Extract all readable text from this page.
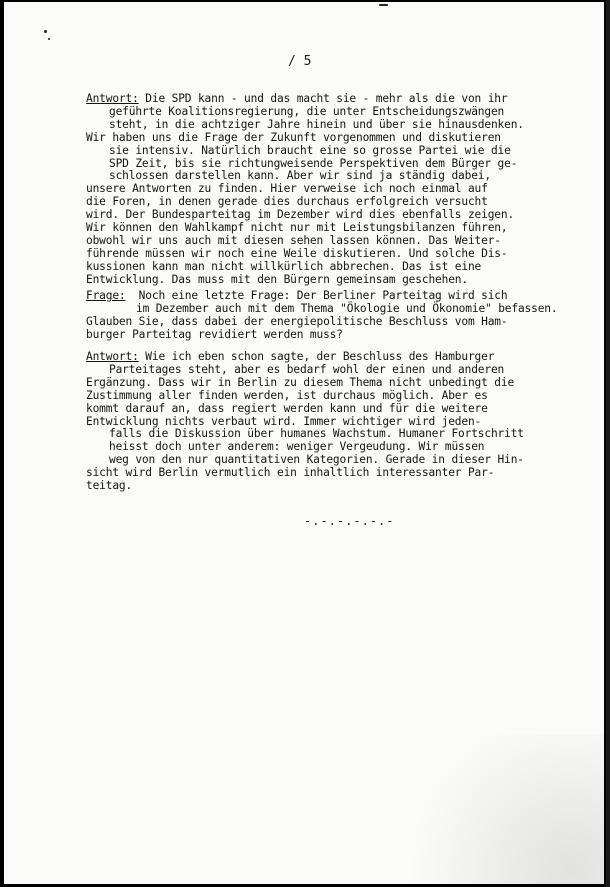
/ 5
Antwort: Die SPD kann - und das macht sie - mehr als die von ihr
geführte Koalitionsregierung, die unter Entscheidungszwängen
steht, in die achtziger Jahre hinein und über sie hinausdenken.
Wir haben uns die Frage der Zukunft vorgenommen und diskutieren
sie intensiv. Natürlich braucht eine so grosse Partei wie die
SPD Zeit, bis sie richtungweisende Perspektiven dem Bürger ge-
schlossen darstellen kann. Aber wir sind ja ständig dabei,
unsere Antworten zu finden. Hier verweise ich noch einmal auf
die Foren, in denen gerade dies durchaus erfolgreich versucht
wird. Der Bundesparteitag im Dezember wird dies ebenfalls zeigen.
Wir können den Wahlkampf nicht nur mit Leistungsbilanzen führen,
obwohl wir uns auch mit diesen sehen lassen können. Das Weiter-
führende müssen wir noch eine Weile diskutieren. Und solche Dis-
kussionen kann man nicht willkürlich abbrechen. Das ist eine
Entwicklung. Das muss mit den Bürgern gemeinsam geschehen.
Frage:  Noch eine letzte Frage: Der Berliner Parteitag wird sich
im Dezember auch mit dem Thema "Ökologie und Ökonomie" befassen.
Glauben Sie, dass dabei der energiepolitische Beschluss vom Ham-
burger Parteitag revidiert werden muss?
Antwort: Wie ich eben schon sagte, der Beschluss des Hamburger
Parteitages steht, aber es bedarf wohl der einen und anderen
Ergänzung. Dass wir in Berlin zu diesem Thema nicht unbedingt die
Zustimmung aller finden werden, ist durchaus möglich. Aber es
kommt darauf an, dass regiert werden kann und für die weitere
Entwicklung nichts verbaut wird. Immer wichtiger wird jeden-
falls die Diskussion über humanes Wachstum. Humaner Fortschritt
heisst doch unter anderem: weniger Vergeudung. Wir müssen
weg von den nur quantitativen Kategorien. Gerade in dieser Hin-
sicht wird Berlin vermutlich ein inhaltlich interessanter Par-
teitag.
-.-.-.-.-.-
